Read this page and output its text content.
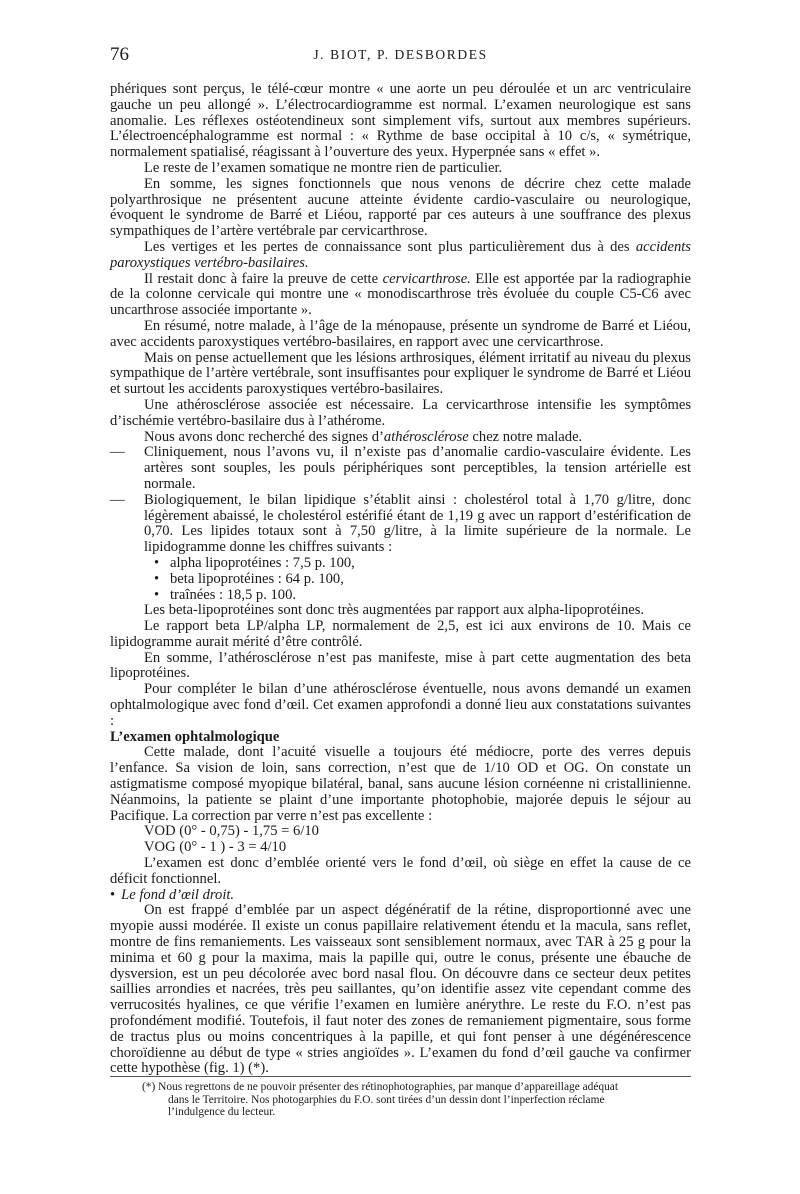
76	J. BIOT, P. DESBORDES

phériques sont perçus, le télé-cœur montre « une aorte un peu déroulée et un arc ventriculaire gauche un peu allongé ». L’électrocardiogramme est normal. L’examen neurologique est sans anomalie. Les réflexes ostéotendineux sont simplement vifs, surtout aux membres supérieurs. L’électroencéphalogramme est normal : « Rythme de base occipital à 10 c/s, « symétrique, normalement spatialisé, réagissant à l’ouverture des yeux. Hyperpnée sans « effet ».

Le reste de l’examen somatique ne montre rien de particulier.

En somme, les signes fonctionnels que nous venons de décrire chez cette malade polyarthrosique ne présentent aucune atteinte évidente cardio-vasculaire ou neurologique, évoquent le syndrome de Barré et Liéou, rapporté par ces auteurs à une souffrance des plexus sympathiques de l’artère vertébrale par cervicarthrose.

Les vertiges et les pertes de connaissance sont plus particulièrement dus à des accidents paroxystiques vertébro-basilaires.

Il restait donc à faire la preuve de cette cervicarthrose. Elle est apportée par la radiographie de la colonne cervicale qui montre une « monodiscarthrose très évoluée du couple C5-C6 avec uncarthrose associée importante ».

En résumé, notre malade, à l’âge de la ménopause, présente un syndrome de Barré et Liéou, avec accidents paroxystiques vertébro-basilaires, en rapport avec une cervicarthrose.

Mais on pense actuellement que les lésions arthrosiques, élément irritatif au niveau du plexus sympathique de l’artère vertébrale, sont insuffisantes pour expliquer le syndrome de Barré et Liéou et surtout les accidents paroxystiques vertébro-basilaires.

Une athérosclérose associée est nécessaire. La cervicarthrose intensifie les symptômes d’ischémie vertébro-basilaire dus à l’athérome.

Nous avons donc recherché des signes d’athérosclérose chez notre malade.

— Cliniquement, nous l’avons vu, il n’existe pas d’anomalie cardio-vasculaire évidente. Les artères sont souples, les pouls périphériques sont perceptibles, la tension artérielle est normale.

— Biologiquement, le bilan lipidique s’établit ainsi : cholestérol total à 1,70 g/litre, donc légèrement abaissé, le cholestérol estérifié étant de 1,19 g avec un rapport d’estérification de 0,70. Les lipides totaux sont à 7,50 g/litre, à la limite supérieure de la normale. Le lipidogramme donne les chiffres suivants :

• alpha lipoprotéines : 7,5 p. 100,

• beta lipoprotéines : 64 p. 100,

• traînées : 18,5 p. 100.

Les beta-lipoprotéines sont donc très augmentées par rapport aux alpha-lipoprotéines.

Le rapport beta LP/alpha LP, normalement de 2,5, est ici aux environs de 10. Mais ce lipidogramme aurait mérité d’être contrôlé.

En somme, l’athérosclérose n’est pas manifeste, mise à part cette augmentation des beta lipoprotéines.

Pour compléter le bilan d’une athérosclérose éventuelle, nous avons demandé un examen ophtalmologique avec fond d’œil. Cet examen approfondi a donné lieu aux constatations suivantes :

L’examen ophtalmologique

Cette malade, dont l’acuité visuelle a toujours été médiocre, porte des verres depuis l’enfance. Sa vision de loin, sans correction, n’est que de 1/10 OD et OG. On constate un astigmatisme composé myopique bilatéral, banal, sans aucune lésion cornéenne ni cristallinienne. Néanmoins, la patiente se plaint d’une importante photophobie, majorée depuis le séjour au Pacifique. La correction par verre n’est pas excellente :

VOD (0° - 0,75) - 1,75 = 6/10

VOG (0° - 1 ) - 3 = 4/10

L’examen est donc d’emblée orienté vers le fond d’œil, où siège en effet la cause de ce déficit fonctionnel.

• Le fond d’œil droit.

On est frappé d’emblée par un aspect dégénératif de la rétine, disproportionné avec une myopie aussi modérée. Il existe un conus papillaire relativement étendu et la macula, sans reflet, montre de fins remaniements. Les vaisseaux sont sensiblement normaux, avec TAR à 25 g pour la minima et 60 g pour la maxima, mais la papille qui, outre le conus, présente une ébauche de dysversion, est un peu décolorée avec bord nasal flou. On découvre dans ce secteur deux petites saillies arrondies et nacrées, très peu saillantes, qu’on identifie assez vite cependant comme des verrucosités hyalines, ce que vérifie l’examen en lumière anérythre. Le reste du F.O. n’est pas profondément modifié. Toutefois, il faut noter des zones de remaniement pigmentaire, sous forme de tractus plus ou moins concentriques à la papille, et qui font penser à une dégénérescence choroïdienne au début de type « stries angioïdes ». L’examen du fond d’œil gauche va confirmer cette hypothèse (fig. 1) (*).

(*) Nous regrettons de ne pouvoir présenter des rétinophotographies, par manque d’appareillage adéquat
dans le Territoire. Nos photogarphies du F.O. sont tirées d’un dessin dont l’inperfection réclame
l’indulgence du lecteur.
